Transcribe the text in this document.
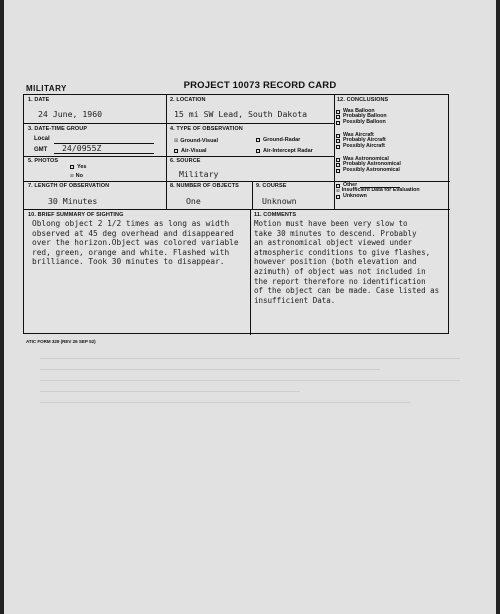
MILITARY	PROJECT 10073 RECORD CARD
1. DATE
24 June, 1960
2. LOCATION
15 mi SW Lead, South Dakota
3. DATE-TIME GROUP
Local
GMT 24/0955Z
4. TYPE OF OBSERVATION
☒ Ground-Visual	Ground-Radar
Air-Visual	Air-Intercept Radar
5. PHOTOS
Yes
☒ No
6. SOURCE
Military
7. LENGTH OF OBSERVATION
30 Minutes
8. NUMBER OF OBJECTS
One
9. COURSE
Unknown
10. BRIEF SUMMARY OF SIGHTING
Oblong object 2 1/2 times as long as width
observed at 45 deg overhead and disappeared
over the horizon.Object was colored variable
red, green, orange and white. Flashed with
brilliance. Took 30 minutes to disappear.
11. COMMENTS
Motion must have been very slow to
take 30 minutes to descend. Probably
an astronomical object viewed under
atmospheric conditions to give flashes,
however position (both elevation and
azimuth) of object was not included in
the report therefore no identification
of the object can be made. Case listed as
insufficient Data.
12. CONCLUSIONS
Was Balloon
Probably Balloon
Possibly Balloon
Was Aircraft
Probably Aircraft
Possibly Aircraft
Was Astronomical
Probably Astronomical
Possibly Astronomical
Other
☒ Insufficient Data for Evaluation
Unknown
ATIC FORM 329 (REV 26 SEP 52)
